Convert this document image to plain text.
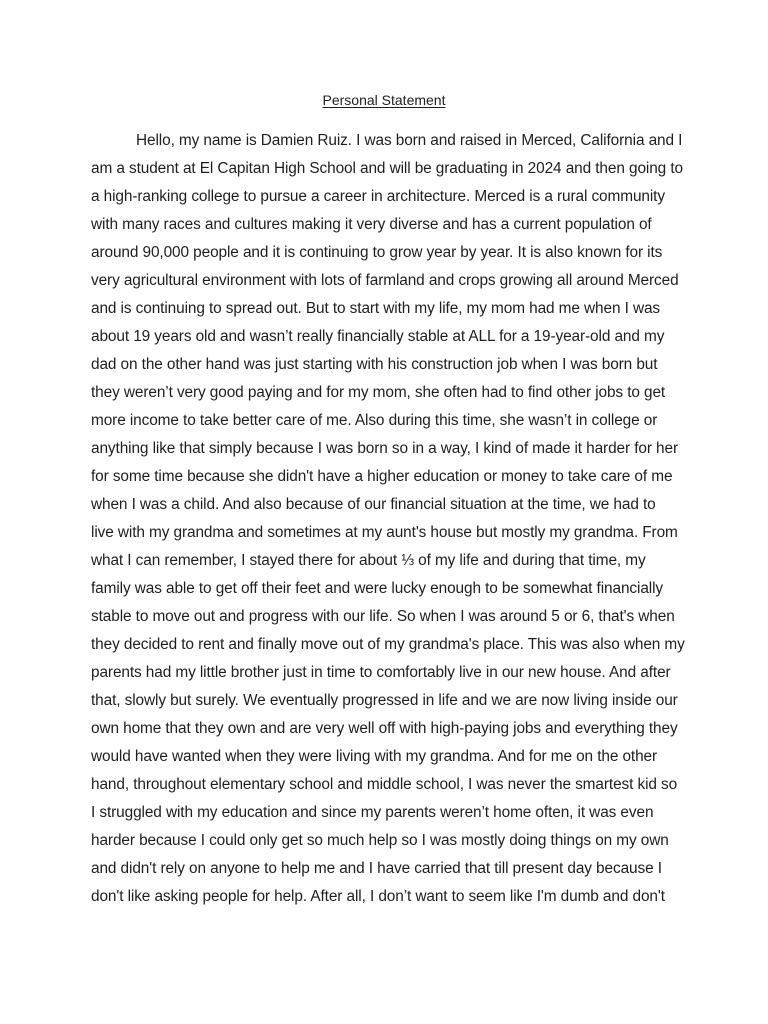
Personal Statement
Hello, my name is Damien Ruiz. I was born and raised in Merced, California and I
am a student at El Capitan High School and will be graduating in 2024 and then going to
a high-ranking college to pursue a career in architecture. Merced is a rural community
with many races and cultures making it very diverse and has a current population of
around 90,000 people and it is continuing to grow year by year. It is also known for its
very agricultural environment with lots of farmland and crops growing all around Merced
and is continuing to spread out. But to start with my life, my mom had me when I was
about 19 years old and wasn’t really financially stable at ALL for a 19-year-old and my
dad on the other hand was just starting with his construction job when I was born but
they weren’t very good paying and for my mom, she often had to find other jobs to get
more income to take better care of me. Also during this time, she wasn’t in college or
anything like that simply because I was born so in a way, I kind of made it harder for her
for some time because she didn't have a higher education or money to take care of me
when I was a child. And also because of our financial situation at the time, we had to
live with my grandma and sometimes at my aunt's house but mostly my grandma. From
what I can remember, I stayed there for about ⅓ of my life and during that time, my
family was able to get off their feet and were lucky enough to be somewhat financially
stable to move out and progress with our life. So when I was around 5 or 6, that's when
they decided to rent and finally move out of my grandma's place. This was also when my
parents had my little brother just in time to comfortably live in our new house. And after
that, slowly but surely. We eventually progressed in life and we are now living inside our
own home that they own and are very well off with high-paying jobs and everything they
would have wanted when they were living with my grandma. And for me on the other
hand, throughout elementary school and middle school, I was never the smartest kid so
I struggled with my education and since my parents weren’t home often, it was even
harder because I could only get so much help so I was mostly doing things on my own
and didn't rely on anyone to help me and I have carried that till present day because I
don't like asking people for help. After all, I don’t want to seem like I'm dumb and don't
